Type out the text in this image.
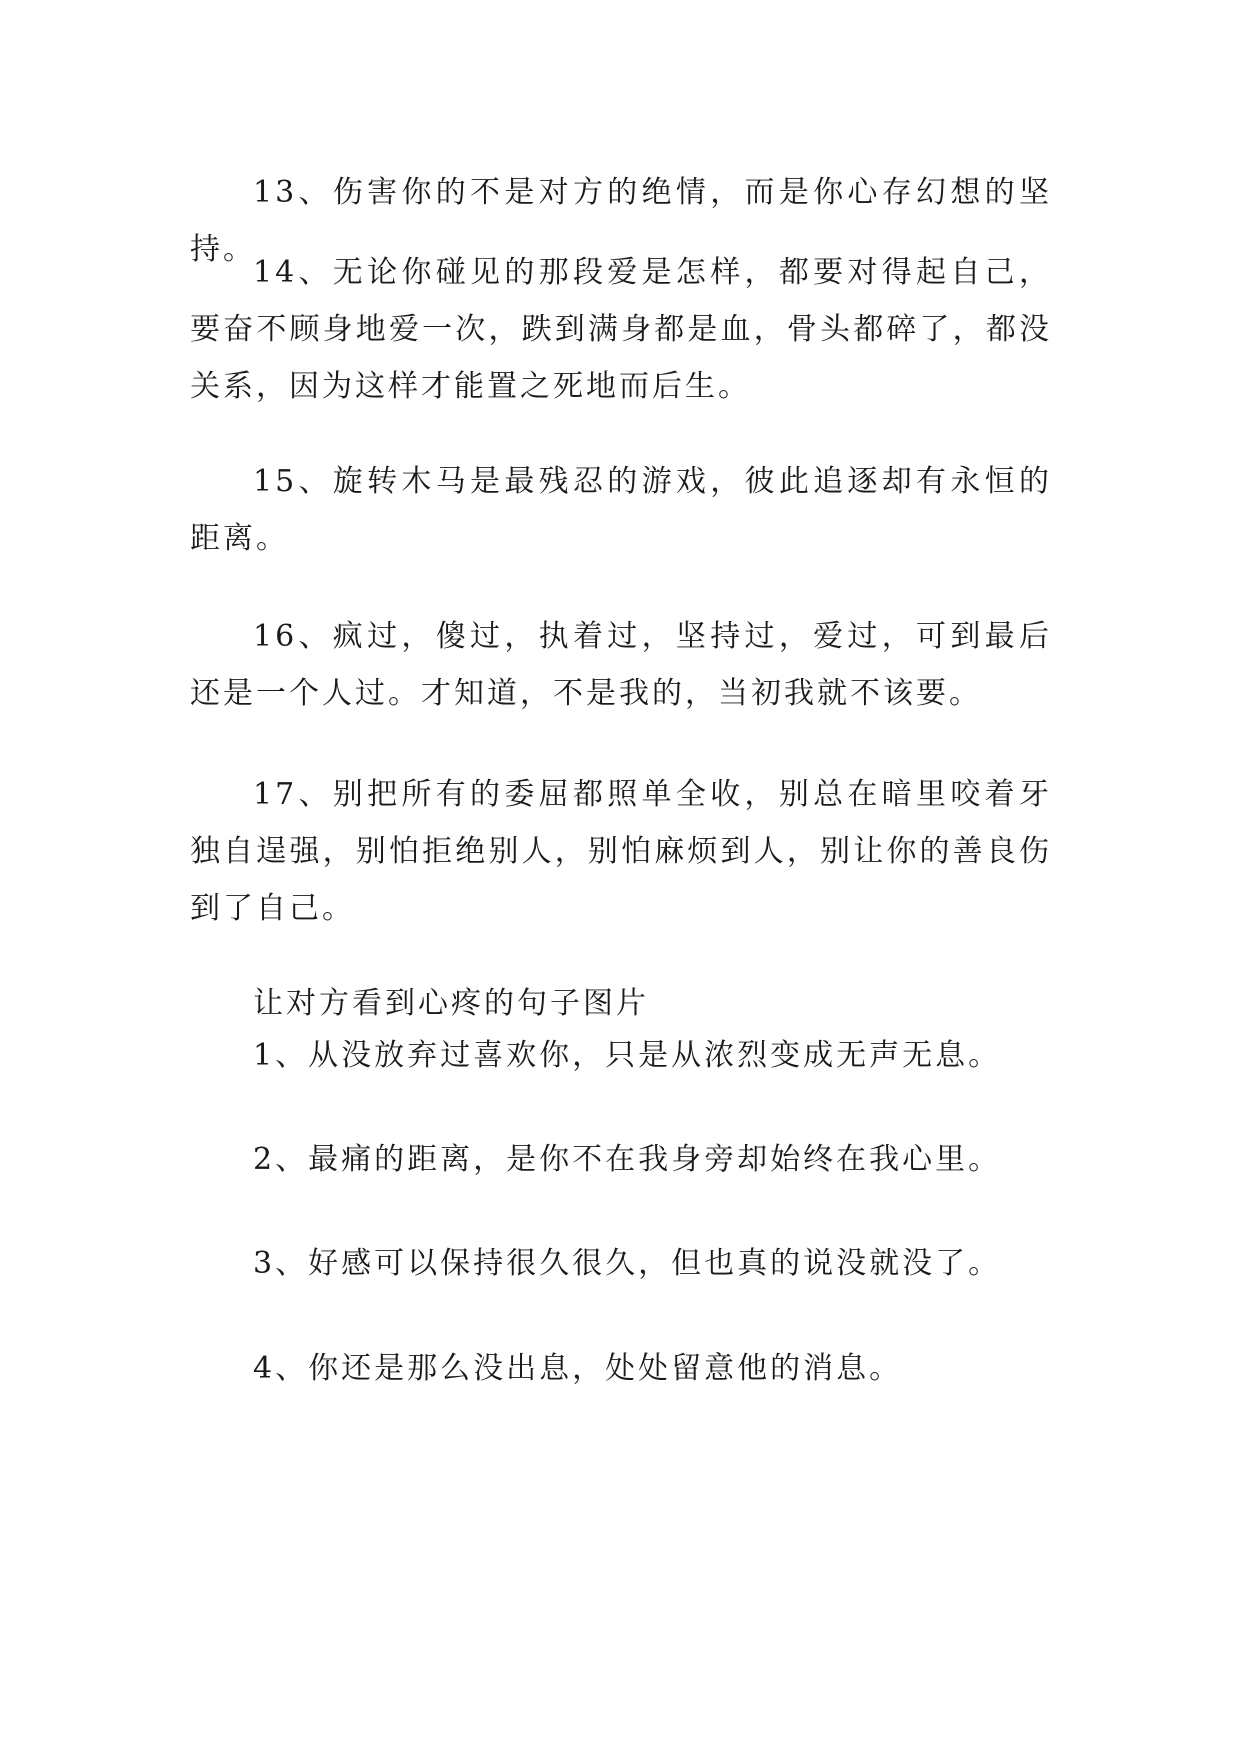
13、伤害你的不是对方的绝情，而是你心存幻想的坚持。

14、无论你碰见的那段爱是怎样，都要对得起自己，要奋不顾身地爱一次，跌到满身都是血，骨头都碎了，都没关系，因为这样才能置之死地而后生。

15、旋转木马是最残忍的游戏，彼此追逐却有永恒的距离。

16、疯过，傻过，执着过，坚持过，爱过，可到最后还是一个人过。才知道，不是我的，当初我就不该要。

17、别把所有的委屈都照单全收，别总在暗里咬着牙独自逞强，别怕拒绝别人，别怕麻烦到人，别让你的善良伤到了自己。

让对方看到心疼的句子图片

1、从没放弃过喜欢你，只是从浓烈变成无声无息。

2、最痛的距离，是你不在我身旁却始终在我心里。

3、好感可以保持很久很久，但也真的说没就没了。

4、你还是那么没出息，处处留意他的消息。
